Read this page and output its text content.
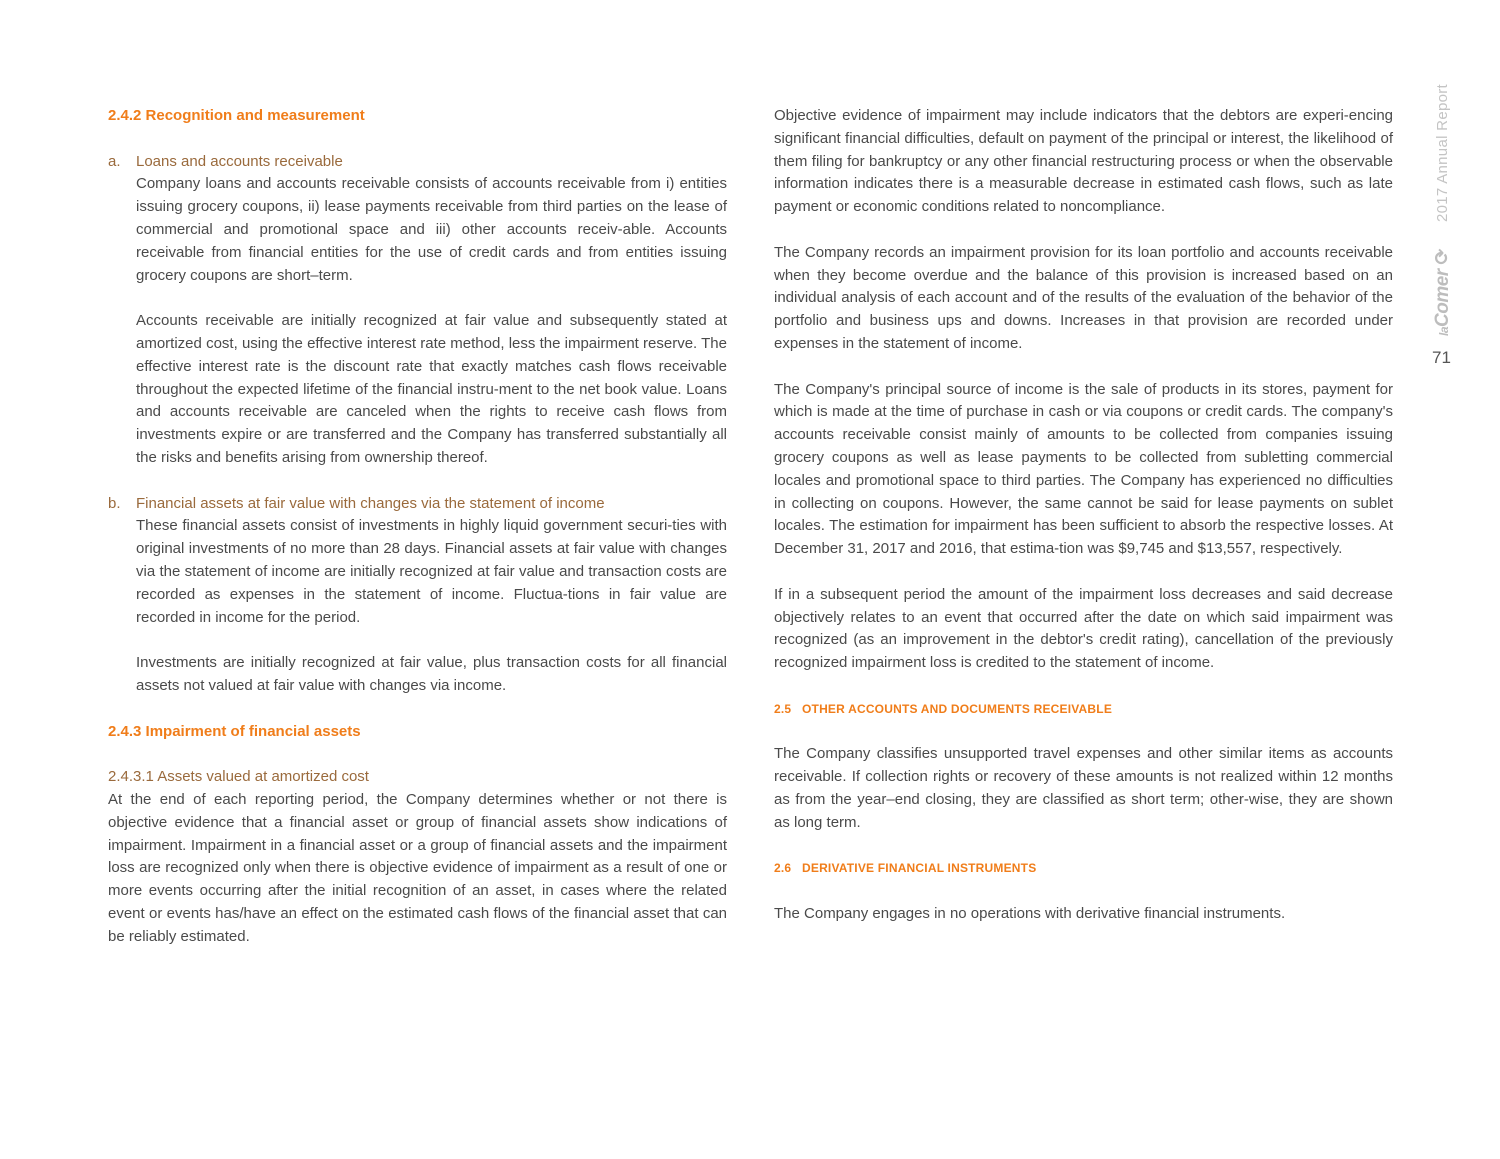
2.4.2 Recognition and measurement
a. Loans and accounts receivable

Company loans and accounts receivable consists of accounts receivable from i) entities issuing grocery coupons, ii) lease payments receivable from third parties on the lease of commercial and promotional space and iii) other accounts receiv-able. Accounts receivable from financial entities for the use of credit cards and from entities issuing grocery coupons are short–term.

Accounts receivable are initially recognized at fair value and subsequently stated at amortized cost, using the effective interest rate method, less the impairment reserve. The effective interest rate is the discount rate that exactly matches cash flows receivable throughout the expected lifetime of the financial instru-ment to the net book value. Loans and accounts receivable are canceled when the rights to receive cash flows from investments expire or are transferred and the Company has transferred substantially all the risks and benefits arising from ownership thereof.

b. Financial assets at fair value with changes via the statement of income

These financial assets consist of investments in highly liquid government securi-ties with original investments of no more than 28 days. Financial assets at fair value with changes via the statement of income are initially recognized at fair value and transaction costs are recorded as expenses in the statement of income. Fluctua-tions in fair value are recorded in income for the period.

Investments are initially recognized at fair value, plus transaction costs for all financial assets not valued at fair value with changes via income.

2.4.3 Impairment of financial assets
2.4.3.1 Assets valued at amortized cost

At the end of each reporting period, the Company determines whether or not there is objective evidence that a financial asset or group of financial assets show indications of impairment. Impairment in a financial asset or a group of financial assets and the impairment loss are recognized only when there is objective evidence of impairment as a result of one or more events occurring after the initial recognition of an asset, in cases where the related event or events has/have an effect on the estimated cash flows of the financial asset that can be reliably estimated.

Objective evidence of impairment may include indicators that the debtors are experi-encing significant financial difficulties, default on payment of the principal or interest, the likelihood of them filing for bankruptcy or any other financial restructuring process or when the observable information indicates there is a measurable decrease in estimated cash flows, such as late payment or economic conditions related to noncompliance.

The Company records an impairment provision for its loan portfolio and accounts receivable when they become overdue and the balance of this provision is increased based on an individual analysis of each account and of the results of the evaluation of the behavior of the portfolio and business ups and downs. Increases in that provision are recorded under expenses in the statement of income.

The Company's principal source of income is the sale of products in its stores, payment for which is made at the time of purchase in cash or via coupons or credit cards. The company's accounts receivable consist mainly of amounts to be collected from companies issuing grocery coupons as well as lease payments to be collected from subletting commercial locales and promotional space to third parties. The Company has experienced no difficulties in collecting on coupons. However, the same cannot be said for lease payments on sublet locales. The estimation for impairment has been sufficient to absorb the respective losses. At December 31, 2017 and 2016, that estima-tion was $9,745 and $13,557, respectively.

If in a subsequent period the amount of the impairment loss decreases and said decrease objectively relates to an event that occurred after the date on which said impairment was recognized (as an improvement in the debtor's credit rating), cancellation of the previously recognized impairment loss is credited to the statement of income.

2.5 OTHER ACCOUNTS AND DOCUMENTS RECEIVABLE

The Company classifies unsupported travel expenses and other similar items as accounts receivable. If collection rights or recovery of these amounts is not realized within 12 months as from the year–end closing, they are classified as short term; other-wise, they are shown as long term.

2.6 DERIVATIVE FINANCIAL INSTRUMENTS

The Company engages in no operations with derivative financial instruments.

2017 Annual Report
laComer ⟳
71
